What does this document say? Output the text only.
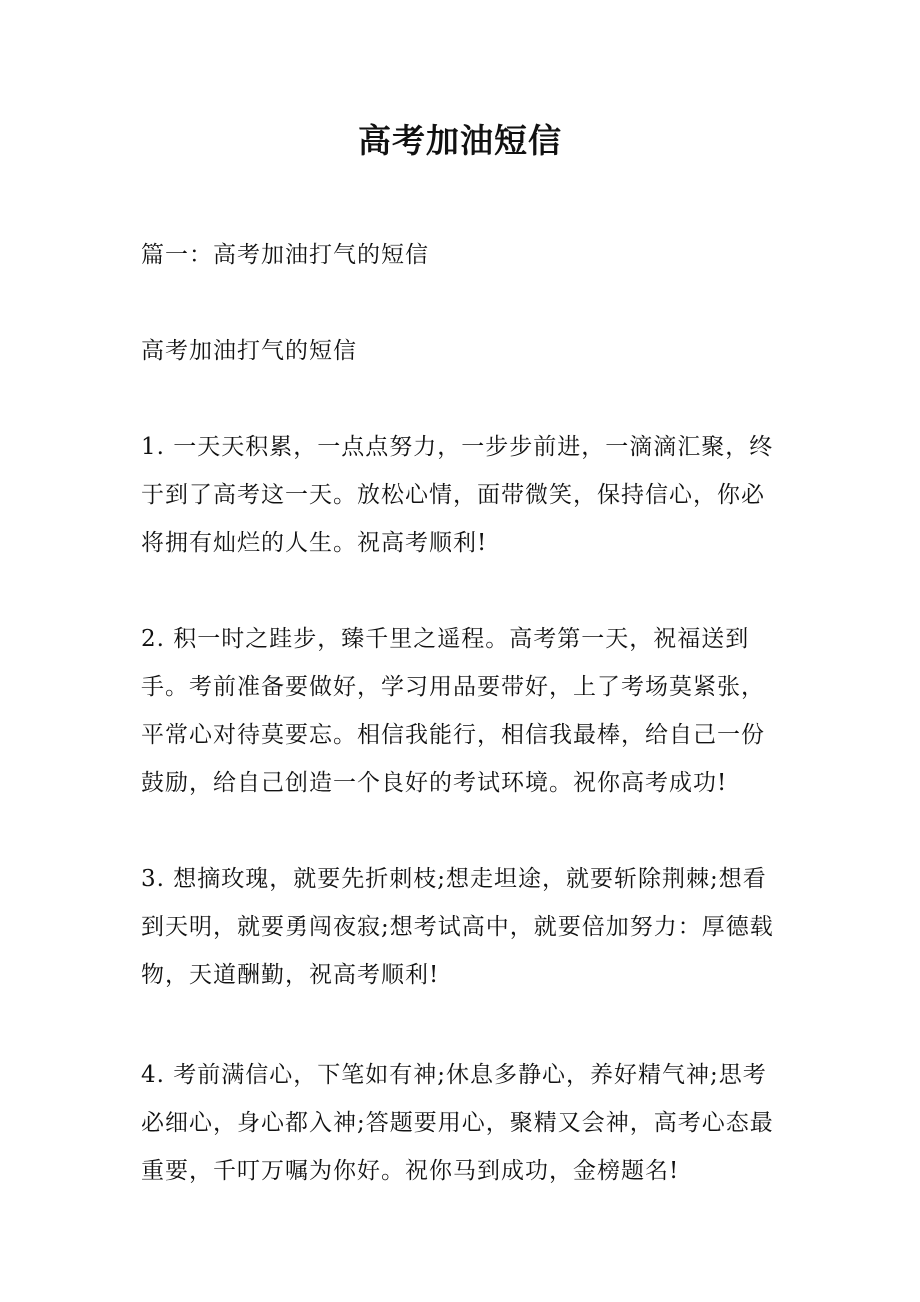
高考加油短信
篇一：高考加油打气的短信
高考加油打气的短信
1. 一天天积累，一点点努力，一步步前进，一滴滴汇聚，终于到了高考这一天。放松心情，面带微笑，保持信心，你必将拥有灿烂的人生。祝高考顺利!
2. 积一时之跬步，臻千里之遥程。高考第一天，祝福送到手。考前准备要做好，学习用品要带好，上了考场莫紧张，平常心对待莫要忘。相信我能行，相信我最棒，给自己一份鼓励，给自己创造一个良好的考试环境。祝你高考成功!
3. 想摘玫瑰，就要先折刺枝;想走坦途，就要斩除荆棘;想看到天明，就要勇闯夜寂;想考试高中，就要倍加努力：厚德载物，天道酬勤，祝高考顺利!
4. 考前满信心，下笔如有神;休息多静心，养好精气神;思考必细心，身心都入神;答题要用心，聚精又会神，高考心态最重要，千叮万嘱为你好。祝你马到成功，金榜题名!
